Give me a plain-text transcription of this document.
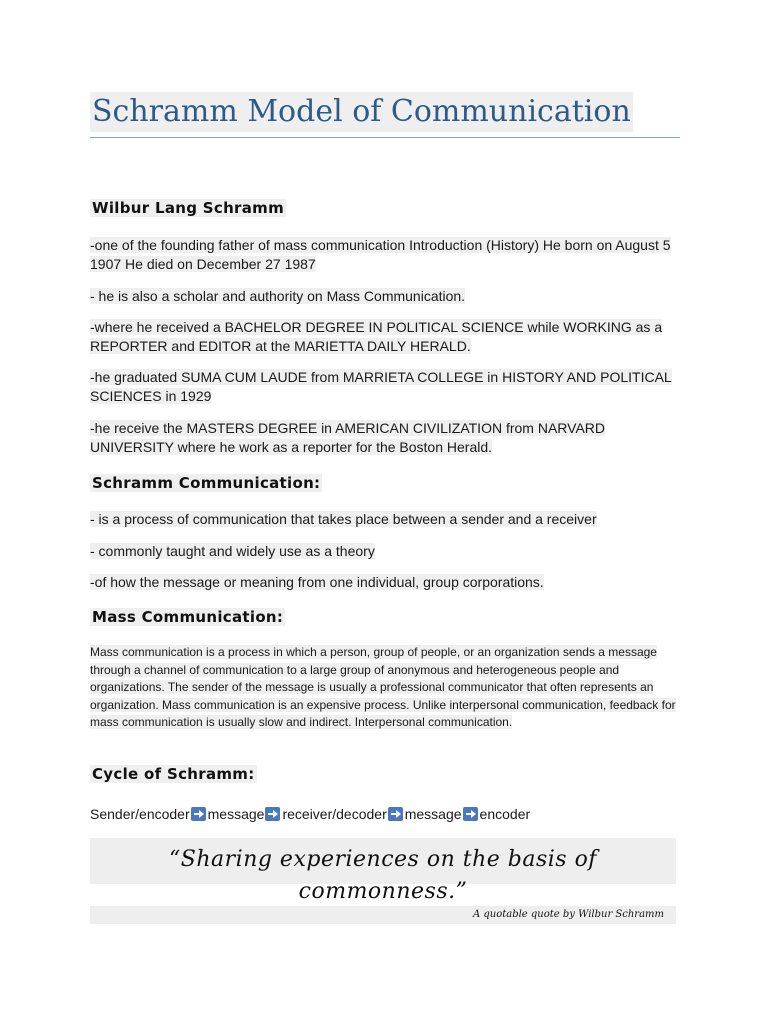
Schramm Model of Communication
Wilbur Lang Schramm
-one of the founding father of mass communication Introduction (History) He born on August 5 1907 He died on December 27 1987
- he is also a scholar and authority on Mass Communication.
-where he received a BACHELOR DEGREE IN POLITICAL SCIENCE while WORKING as a REPORTER and EDITOR at the MARIETTA DAILY HERALD.
-he graduated SUMA CUM LAUDE from MARRIETA COLLEGE in HISTORY AND POLITICAL SCIENCES in 1929
-he receive the MASTERS DEGREE in AMERICAN CIVILIZATION from NARVARD UNIVERSITY where he work as a reporter for the Boston Herald.
Schramm Communication:
- is a process of communication that takes place between a sender and a receiver
- commonly taught and widely use as a theory
-of how the message or meaning from one individual, group corporations.
Mass Communication:
Mass communication is a process in which a person, group of people, or an organization sends a message through a channel of communication to a large group of anonymous and heterogeneous people and organizations. The sender of the message is usually a professional communicator that often represents an organization. Mass communication is an expensive process. Unlike interpersonal communication, feedback for mass communication is usually slow and indirect. Interpersonal communication.
Cycle of Schramm:
Sender/encoder message receiver/decoder message encoder
“Sharing experiences on the basis of commonness.”
A quotable quote by Wilbur Schramm
